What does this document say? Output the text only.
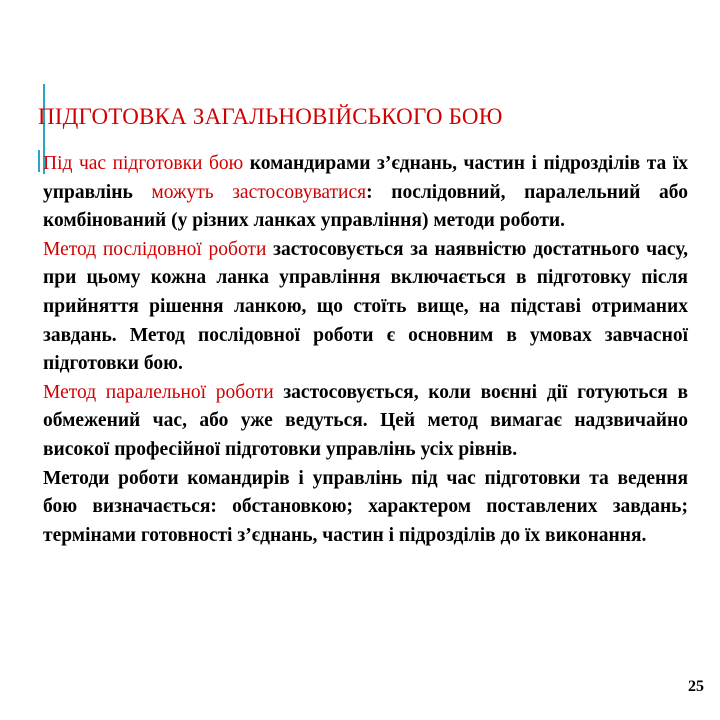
ПІДГОТОВКА ЗАГАЛЬНОВІЙСЬКОГО БОЮ

Під час підготовки бою командирами з’єднань, частин і підрозділів та їх управлінь можуть застосовуватися: послідовний, паралельний або комбінований (у різних ланках управління) методи роботи.

Метод послідовної роботи застосовується за наявністю достатнього часу, при цьому кожна ланка управління включається в підготовку після прийняття рішення ланкою, що стоїть вище, на підставі отриманих завдань. Метод послідовної роботи є основним в умовах завчасної підготовки бою.

Метод паралельної роботи застосовується, коли воєнні дії готуються в обмежений час, або уже ведуться. Цей метод вимагає надзвичайно високої професійної підготовки управлінь усіх рівнів.

Методи роботи командирів і управлінь під час підготовки та ведення бою визначається: обстановкою; характером поставлених завдань; термінами готовності з’єднань, частин і підрозділів до їх виконання.

25
